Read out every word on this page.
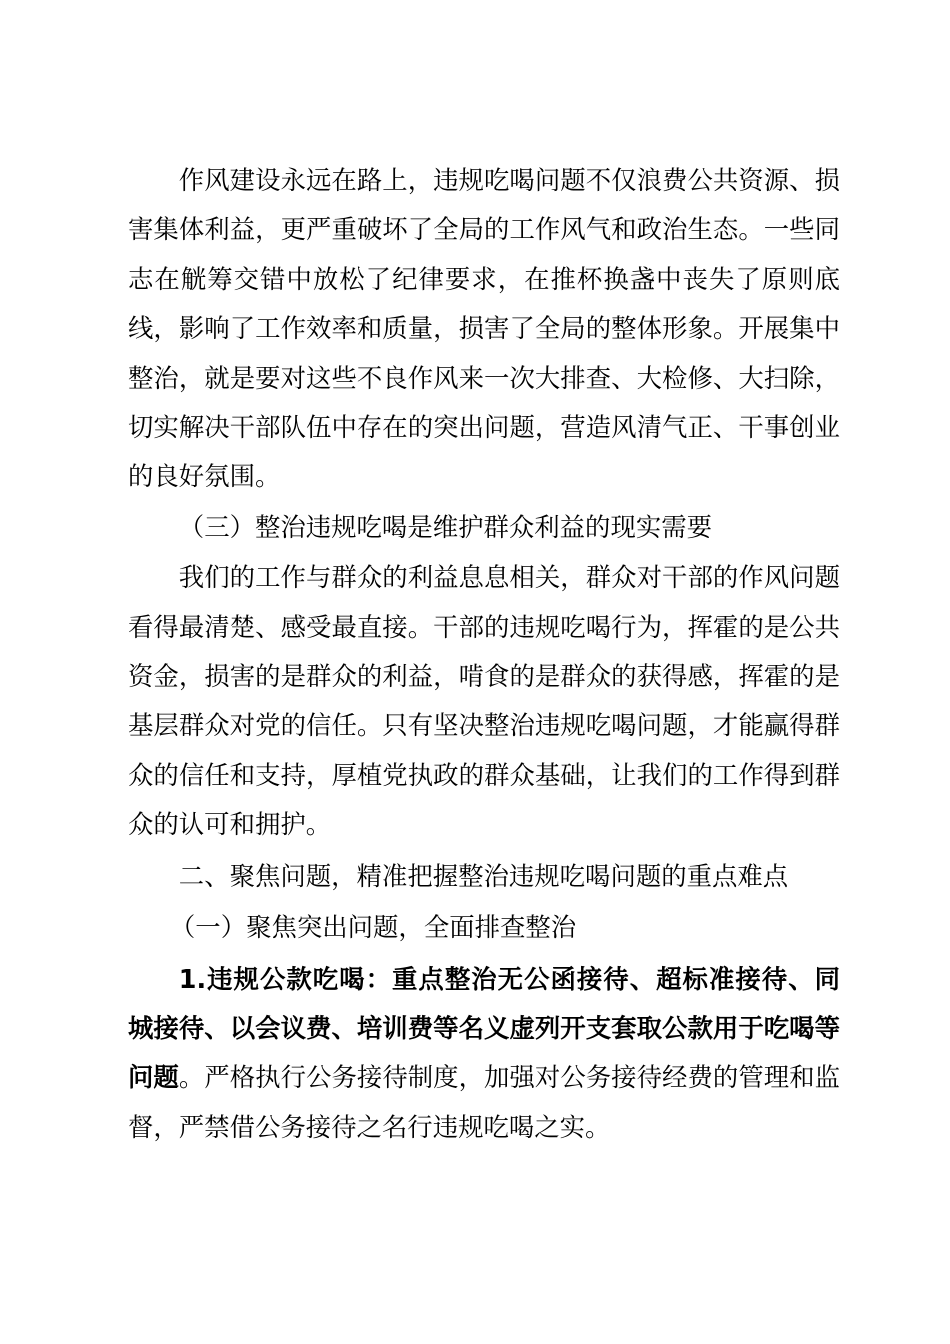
作风建设永远在路上，违规吃喝问题不仅浪费公共资源、损害集体利益，更严重破坏了全局的工作风气和政治生态。一些同志在觥筹交错中放松了纪律要求，在推杯换盏中丧失了原则底线，影响了工作效率和质量，损害了全局的整体形象。开展集中整治，就是要对这些不良作风来一次大排查、大检修、大扫除，切实解决干部队伍中存在的突出问题，营造风清气正、干事创业的良好氛围。

（三）整治违规吃喝是维护群众利益的现实需要

我们的工作与群众的利益息息相关，群众对干部的作风问题看得最清楚、感受最直接。干部的违规吃喝行为，挥霍的是公共资金，损害的是群众的利益，啃食的是群众的获得感，挥霍的是基层群众对党的信任。只有坚决整治违规吃喝问题，才能赢得群众的信任和支持，厚植党执政的群众基础，让我们的工作得到群众的认可和拥护。

二、聚焦问题，精准把握整治违规吃喝问题的重点难点

（一）聚焦突出问题，全面排查整治

1.违规公款吃喝：重点整治无公函接待、超标准接待、同城接待、以会议费、培训费等名义虚列开支套取公款用于吃喝等问题。严格执行公务接待制度，加强对公务接待经费的管理和监督，严禁借公务接待之名行违规吃喝之实。
